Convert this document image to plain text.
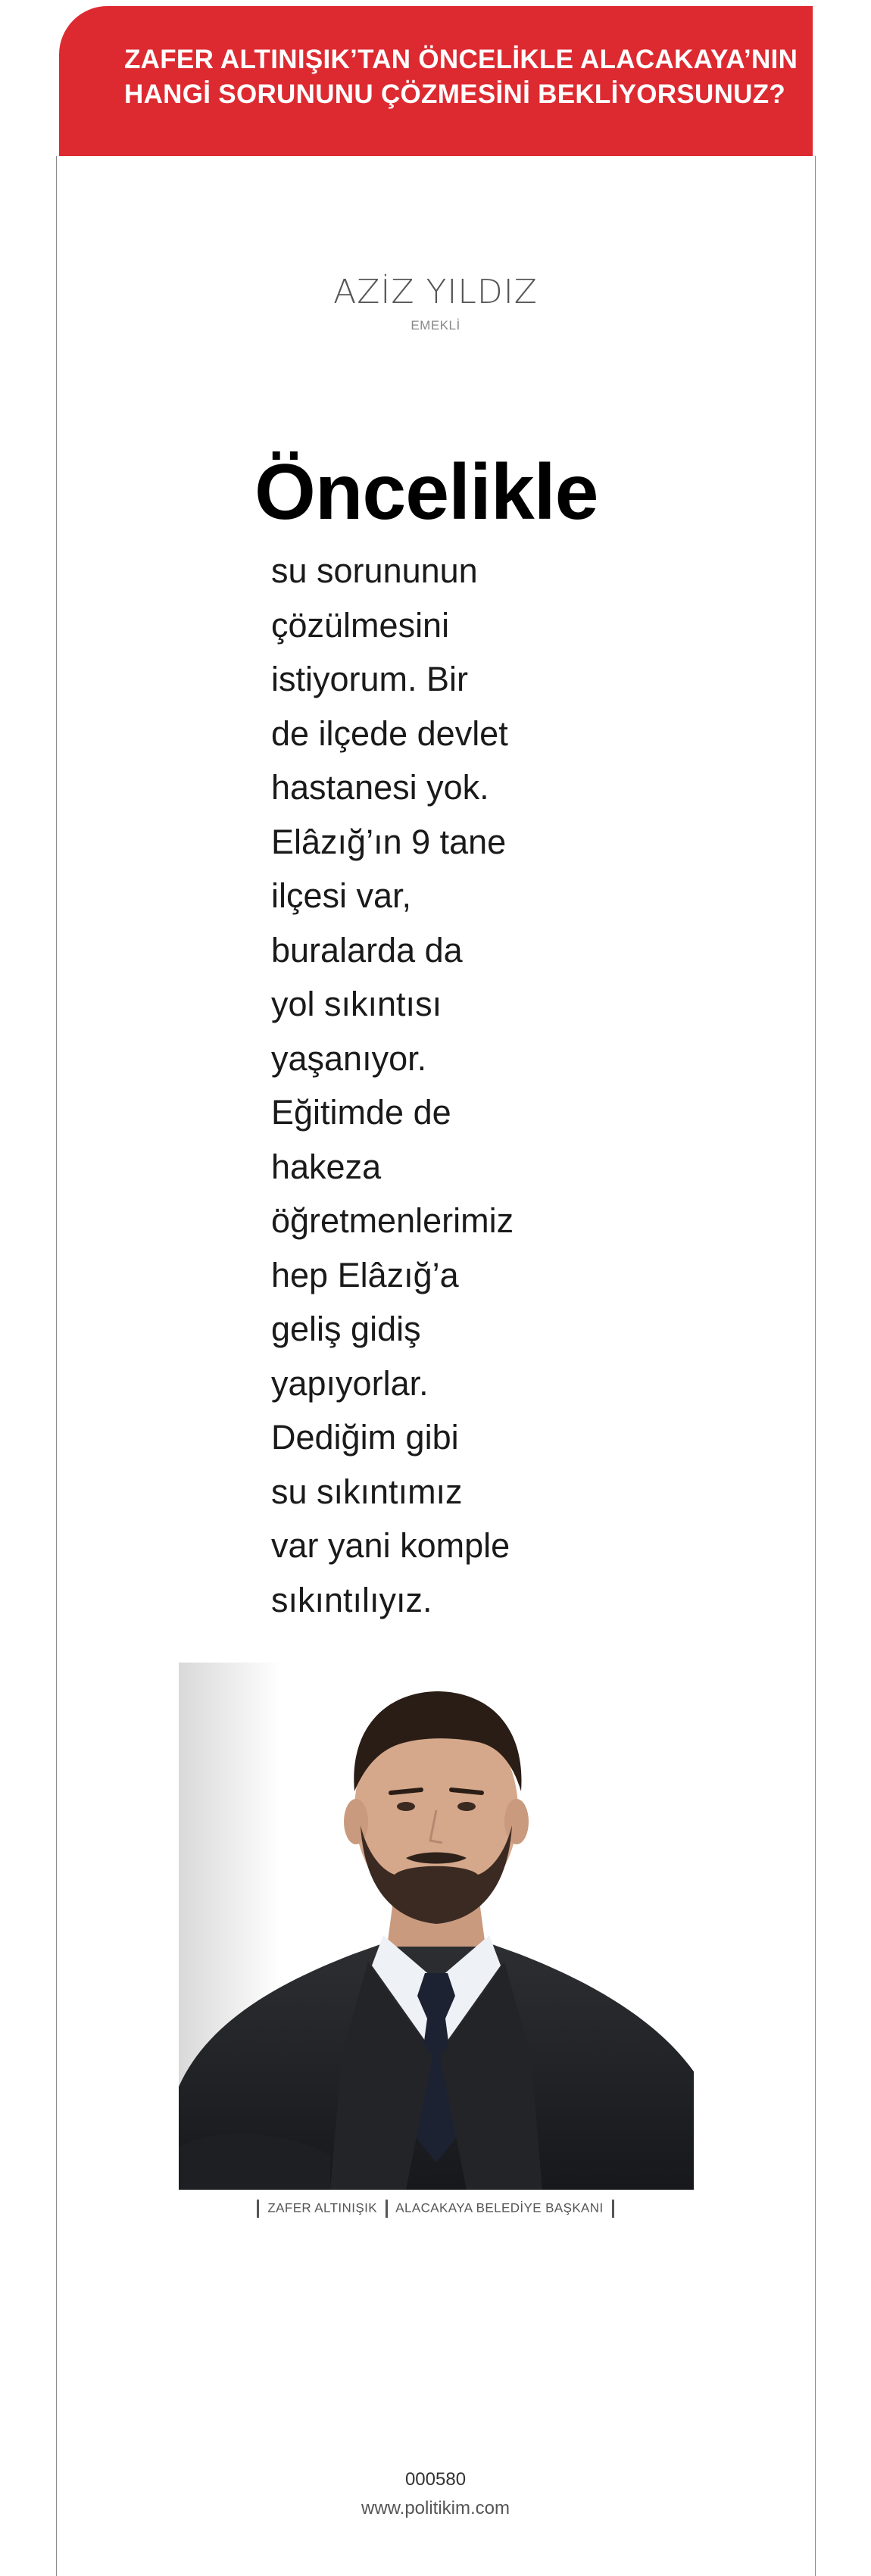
ZAFER ALTINIŞIK’TAN ÖNCELİKLE ALACAKAYA’NIN
HANGİ SORUNUNU ÇÖZMESİNİ BEKLİYORSUNUZ?
AZİZ YILDIZ
EMEKLİ
Öncelikle
su sorununun
çözülmesini
istiyorum. Bir
de ilçede devlet
hastanesi yok.
Elâzığ’ın 9 tane
ilçesi var,
buralarda da
yol sıkıntısı
yaşanıyor.
Eğitimde de
hakeza
öğretmenlerimiz
hep Elâzığ’a
geliş gidiş
yapıyorlar.
Dediğim gibi
su sıkıntımız
var yani komple
sıkıntılıyız.
ZAFER ALTINIŞIK ALACAKAYA BELEDİYE BAŞKANI
000580
www.politikim.com
